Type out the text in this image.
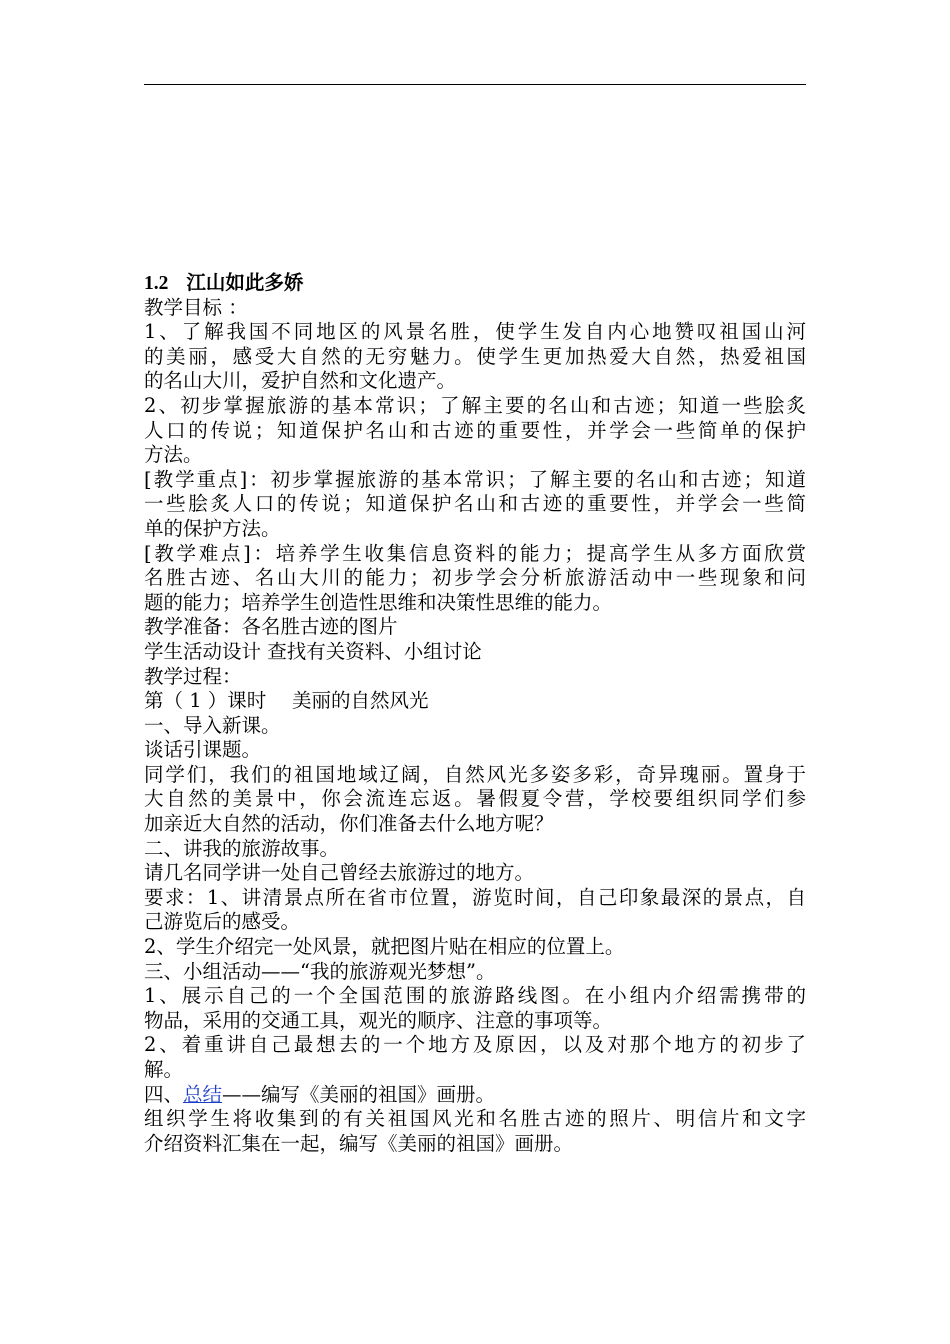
1.2 江山如此多娇
教学目标 ：
1、了解我国不同地区的风景名胜，使学生发自内心地赞叹祖国山河
的美丽，感受大自然的无穷魅力。使学生更加热爱大自然，热爱祖国
的名山大川，爱护自然和文化遗产。
2、初步掌握旅游的基本常识；了解主要的名山和古迹；知道一些脍炙
人口的传说；知道保护名山和古迹的重要性，并学会一些简单的保护
方法。
[教学重点]：初步掌握旅游的基本常识；了解主要的名山和古迹；知道
一些脍炙人口的传说；知道保护名山和古迹的重要性，并学会一些简
单的保护方法。
[教学难点]：培养学生收集信息资料的能力；提高学生从多方面欣赏
名胜古迹、名山大川的能力；初步学会分析旅游活动中一些现象和问
题的能力；培养学生创造性思维和决策性思维的能力。
教学准备：各名胜古迹的图片
学生活动设计 查找有关资料、小组讨论
教学过程：
第（ 1 ）课时 　美丽的自然风光
一、导入新课。
谈话引课题。
同学们，我们的祖国地域辽阔，自然风光多姿多彩，奇异瑰丽。置身于
大自然的美景中，你会流连忘返。暑假夏令营，学校要组织同学们参
加亲近大自然的活动，你们准备去什么地方呢？
二、讲我的旅游故事。
请几名同学讲一处自己曾经去旅游过的地方。
要求：1、讲清景点所在省市位置，游览时间，自己印象最深的景点，自
己游览后的感受。
2、学生介绍完一处风景，就把图片贴在相应的位置上。
三、小组活动——“我的旅游观光梦想”。
1、展示自己的一个全国范围的旅游路线图。在小组内介绍需携带的
物品，采用的交通工具，观光的顺序、注意的事项等。
2、着重讲自己最想去的一个地方及原因，以及对那个地方的初步了
解。
四、总结——编写《美丽的祖国》画册。
组织学生将收集到的有关祖国风光和名胜古迹的照片、明信片和文字
介绍资料汇集在一起，编写《美丽的祖国》画册。
